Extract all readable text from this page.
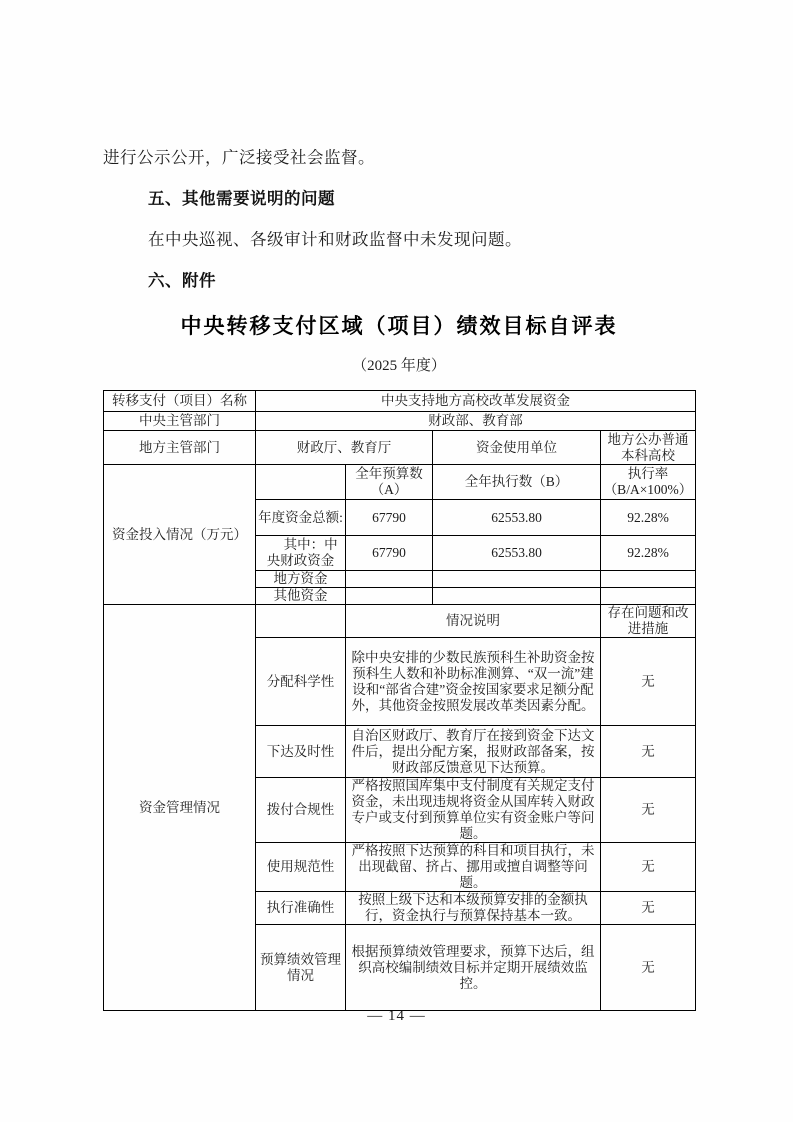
进行公示公开，广泛接受社会监督。

五、其他需要说明的问题

在中央巡视、各级审计和财政监督中未发现问题。

六、附件

中央转移支付区域（项目）绩效目标自评表
（2025 年度）
转移支付（项目）名称	中央支持地方高校改革发展资金			
中央主管部门	财政部、教育部			
地方主管部门	财政厅、教育厅		资金使用单位	地方公办普通本科高校
资金投入情况（万元）		全年预算数（A）	全年执行数（B）	执行率
（B/A×100%）

	年度资金总额:	67790	62553.80	92.28%
	其中：中央财政资金	67790	62553.80	92.28%
	地方资金			
	其他资金			
资金管理情况		情况说明		存在问题和改进措施
	分配科学性	除中央安排的少数民族预科生补助资金按预科生人数和补助标准测算、“双一流”建设和“部省合建”资金按国家要求足额分配外，其他资金按照发展改革类因素分配。		无
	下达及时性	自治区财政厅、教育厅在接到资金下达文件后，提出分配方案，报财政部备案，按财政部反馈意见下达预算。		无
	拨付合规性	严格按照国库集中支付制度有关规定支付资金，未出现违规将资金从国库转入财政专户或支付到预算单位实有资金账户等问题。		无
	使用规范性	严格按照下达预算的科目和项目执行，未出现截留、挤占、挪用或擅自调整等问题。		无
	执行准确性	按照上级下达和本级预算安排的金额执行，资金执行与预算保持基本一致。		无
	预算绩效管理情况	根据预算绩效管理要求，预算下达后，组织高校编制绩效目标并定期开展绩效监控。		无
— 14 —
